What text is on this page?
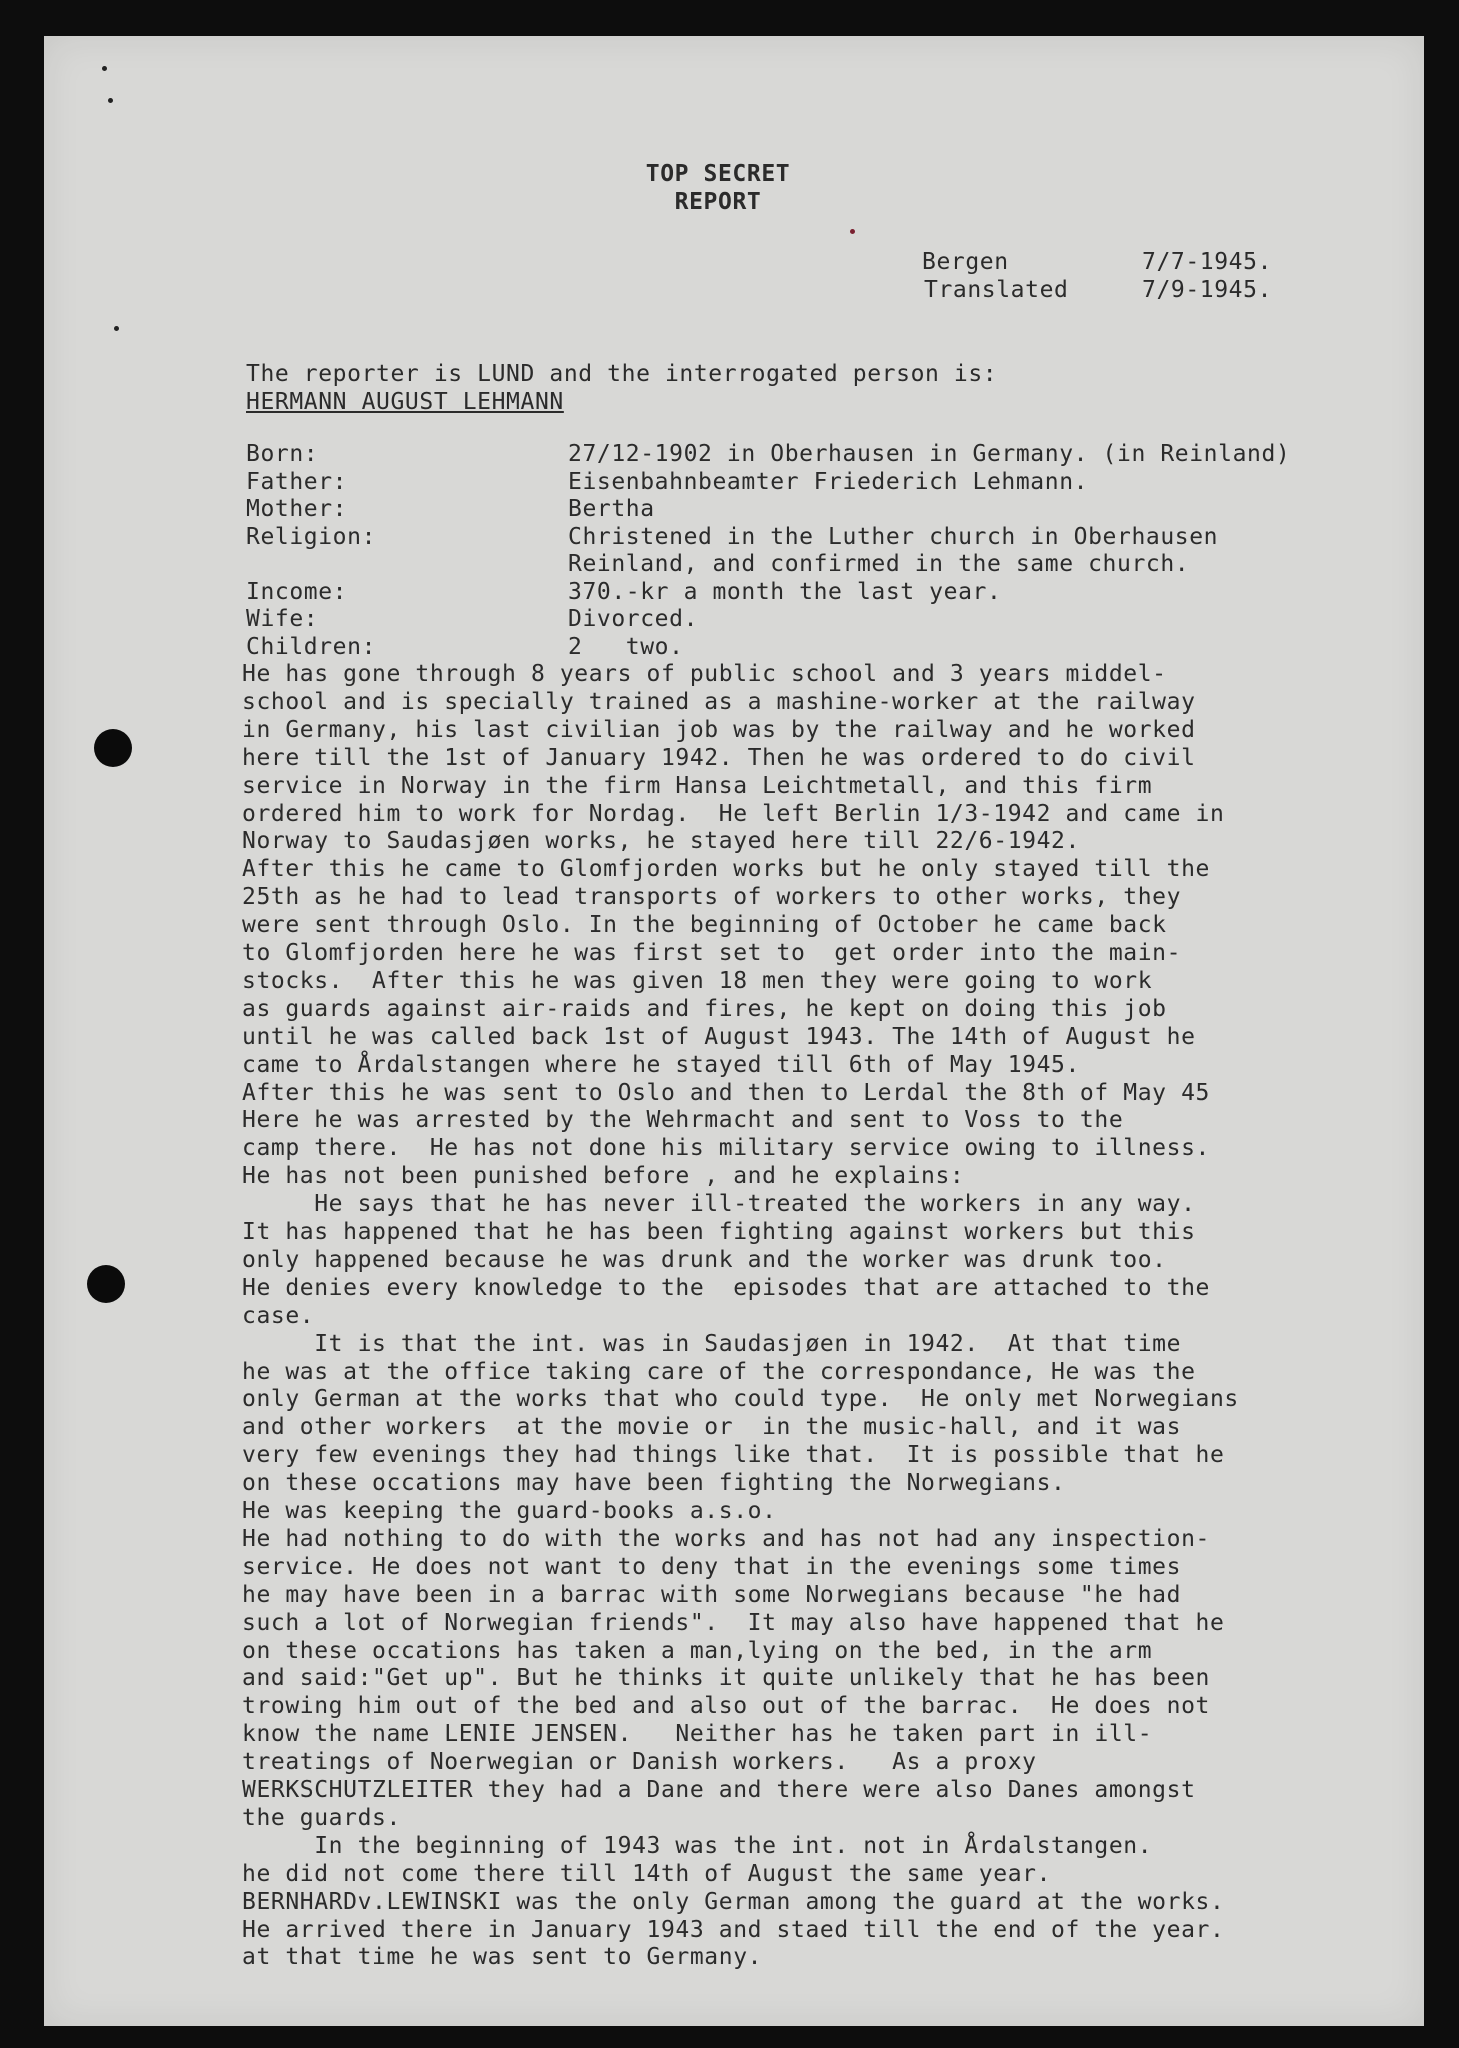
TOP SECRET
REPORT
Bergen	7/7-1945.
Translated	7/9-1945.
The reporter is LUND and the interrogated person is:
HERMANN AUGUST LEHMANN
Born:	27/12-1902 in Oberhausen in Germany. (in Reinland)
Father:	Eisenbahnbeamter Friederich Lehmann.
Mother:	Bertha
Religion:	Christened in the Luther church in Oberhausen
Reinland, and confirmed in the same church.
Income:	370.-kr a month the last year.
Wife:	Divorced.
Children:	2   two.
He has gone through 8 years of public school and 3 years middel-
school and is specially trained as a mashine-worker at the railway
in Germany, his last civilian job was by the railway and he worked
here till the 1st of January 1942. Then he was ordered to do civil
service in Norway in the firm Hansa Leichtmetall, and this firm
ordered him to work for Nordag.  He left Berlin 1/3-1942 and came in
Norway to Saudasjøen works, he stayed here till 22/6-1942.
After this he came to Glomfjorden works but he only stayed till the
25th as he had to lead transports of workers to other works, they
were sent through Oslo. In the beginning of October he came back
to Glomfjorden here he was first set to  get order into the main-
stocks.  After this he was given 18 men they were going to work
as guards against air-raids and fires, he kept on doing this job
until he was called back 1st of August 1943. The 14th of August he
came to Årdalstangen where he stayed till 6th of May 1945.
After this he was sent to Oslo and then to Lerdal the 8th of May 45
Here he was arrested by the Wehrmacht and sent to Voss to the
camp there.  He has not done his military service owing to illness.
He has not been punished before , and he explains:
He says that he has never ill-treated the workers in any way.
It has happened that he has been fighting against workers but this
only happened because he was drunk and the worker was drunk too.
He denies every knowledge to the  episodes that are attached to the
case.
It is that the int. was in Saudasjøen in 1942.  At that time
he was at the office taking care of the correspondance, He was the
only German at the works that who could type.  He only met Norwegians
and other workers  at the movie or  in the music-hall, and it was
very few evenings they had things like that.  It is possible that he
on these occations may have been fighting the Norwegians.
He was keeping the guard-books a.s.o.
He had nothing to do with the works and has not had any inspection-
service. He does not want to deny that in the evenings some times
he may have been in a barrac with some Norwegians because "he had
such a lot of Norwegian friends".  It may also have happened that he
on these occations has taken a man,lying on the bed, in the arm
and said:"Get up". But he thinks it quite unlikely that he has been
trowing him out of the bed and also out of the barrac.  He does not
know the name LENIE JENSEN.   Neither has he taken part in ill-
treatings of Noerwegian or Danish workers.   As a proxy
WERKSCHUTZLEITER they had a Dane and there were also Danes amongst
the guards.
In the beginning of 1943 was the int. not in Årdalstangen.
he did not come there till 14th of August the same year.
BERNHARDv.LEWINSKI was the only German among the guard at the works.
He arrived there in January 1943 and staed till the end of the year.
at that time he was sent to Germany.
